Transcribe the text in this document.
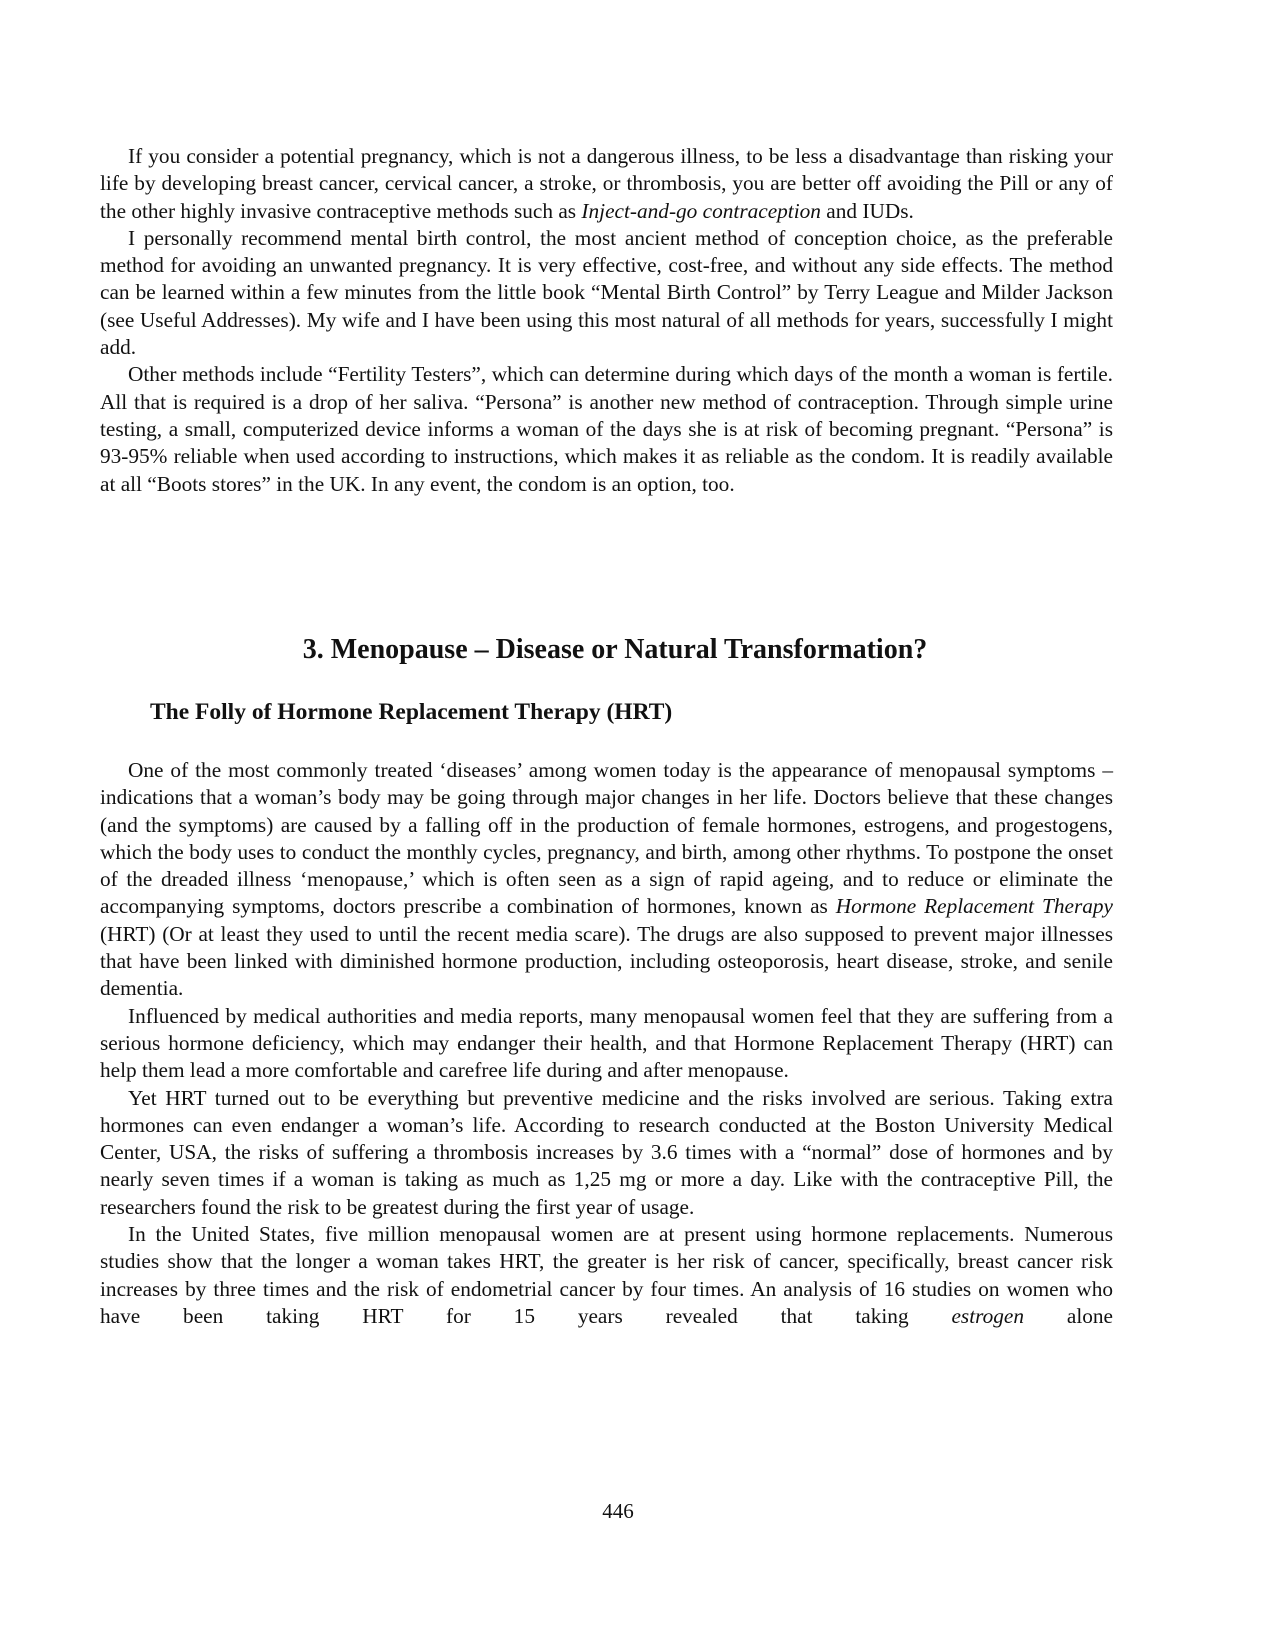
If you consider a potential pregnancy, which is not a dangerous illness, to be less a disadvantage than risking your life by developing breast cancer, cervical cancer, a stroke, or thrombosis, you are better off avoiding the Pill or any of the other highly invasive contraceptive methods such as Inject-and-go contraception and IUDs.

I personally recommend mental birth control, the most ancient method of conception choice, as the preferable method for avoiding an unwanted pregnancy. It is very effective, cost-free, and without any side effects. The method can be learned within a few minutes from the little book “Mental Birth Control” by Terry League and Milder Jackson (see Useful Addresses). My wife and I have been using this most natural of all methods for years, successfully I might add.

Other methods include “Fertility Testers”, which can determine during which days of the month a woman is fertile. All that is required is a drop of her saliva. “Persona” is another new method of contraception. Through simple urine testing, a small, computerized device informs a woman of the days she is at risk of becoming pregnant. “Persona” is 93-95% reliable when used according to instructions, which makes it as reliable as the condom. It is readily available at all “Boots stores” in the UK. In any event, the condom is an option, too.

3. Menopause – Disease or Natural Transformation?
The Folly of Hormone Replacement Therapy (HRT)

One of the most commonly treated ‘diseases’ among women today is the appearance of menopausal symptoms – indications that a woman’s body may be going through major changes in her life. Doctors believe that these changes (and the symptoms) are caused by a falling off in the production of female hormones, estrogens, and progestogens, which the body uses to conduct the monthly cycles, pregnancy, and birth, among other rhythms. To postpone the onset of the dreaded illness ‘menopause,’ which is often seen as a sign of rapid ageing, and to reduce or eliminate the accompanying symptoms, doctors prescribe a combination of hormones, known as Hormone Replacement Therapy (HRT) (Or at least they used to until the recent media scare). The drugs are also supposed to prevent major illnesses that have been linked with diminished hormone production, including osteoporosis, heart disease, stroke, and senile dementia.

Influenced by medical authorities and media reports, many menopausal women feel that they are suffering from a serious hormone deficiency, which may endanger their health, and that Hormone Replacement Therapy (HRT) can help them lead a more comfortable and carefree life during and after menopause.

Yet HRT turned out to be everything but preventive medicine and the risks involved are serious. Taking extra hormones can even endanger a woman’s life. According to research conducted at the Boston University Medical Center, USA, the risks of suffering a thrombosis increases by 3.6 times with a “normal” dose of hormones and by nearly seven times if a woman is taking as much as 1,25 mg or more a day. Like with the contraceptive Pill, the researchers found the risk to be greatest during the first year of usage.

In the United States, five million menopausal women are at present using hormone replacements. Numerous studies show that the longer a woman takes HRT, the greater is her risk of cancer, specifically, breast cancer risk increases by three times and the risk of endometrial cancer by four times. An analysis of 16 studies on women who have been taking HRT for 15 years revealed that taking estrogen alone

446
